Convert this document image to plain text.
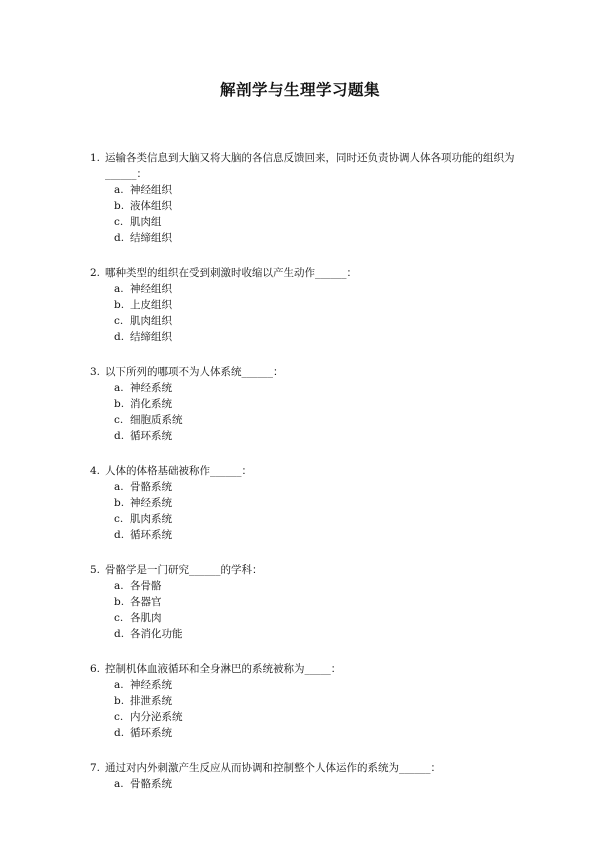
解剖学与生理学习题集
1. 运输各类信息到大脑又将大脑的各信息反馈回来，同时还负责协调人体各项功能的组织为______：
a. 神经组织
b. 液体组织
c. 肌肉组
d. 结缔组织
2. 哪种类型的组织在受到刺激时收缩以产生动作______：
a. 神经组织
b. 上皮组织
c. 肌肉组织
d. 结缔组织
3. 以下所列的哪项不为人体系统______：
a. 神经系统
b. 消化系统
c. 细胞质系统
d. 循环系统
4. 人体的体格基础被称作______：
a. 骨骼系统
b. 神经系统
c. 肌肉系统
d. 循环系统
5. 骨骼学是一门研究______的学科：
a. 各骨骼
b. 各器官
c. 各肌肉
d. 各消化功能
6. 控制机体血液循环和全身淋巴的系统被称为_____：
a. 神经系统
b. 排泄系统
c. 内分泌系统
d. 循环系统
7. 通过对内外刺激产生反应从而协调和控制整个人体运作的系统为______：
a. 骨骼系统
